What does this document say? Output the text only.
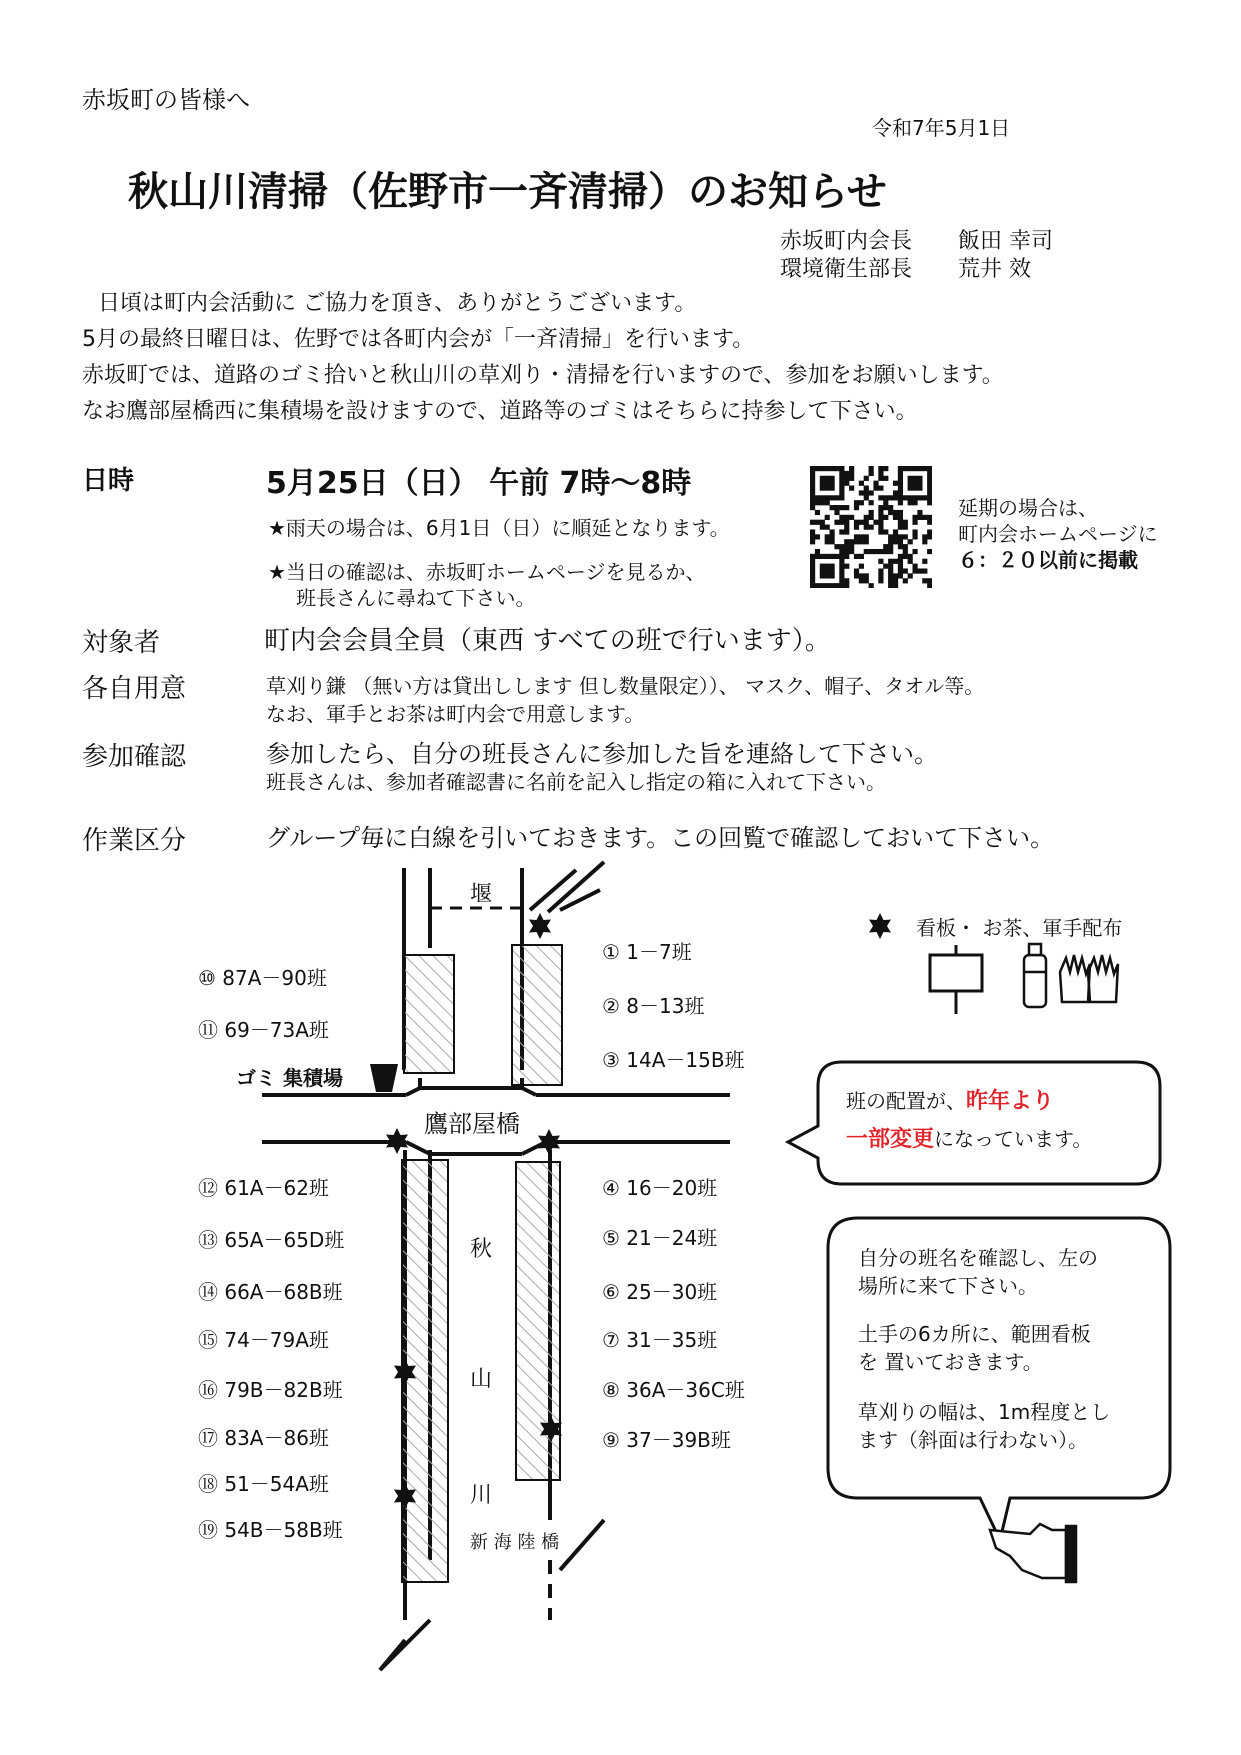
赤坂町の皆様へ
令和7年5月1日
秋山川清掃（佐野市一斉清掃）のお知らせ
赤坂町内会長 飯田 幸司
環境衛生部長 荒井 效
日頃は町内会活動に ご協力を頂き、ありがとうございます。
5月の最終日曜日は、佐野では各町内会が「一斉清掃」を行います。
赤坂町では、道路のゴミ拾いと秋山川の草刈り・清掃を行いますので、参加をお願いします。
なお鷹部屋橋西に集積場を設けますので、道路等のゴミはそちらに持参して下さい。
日時	5月25日（日） 午前 7時～8時
★雨天の場合は、6月1日（日）に順延となります。
★当日の確認は、赤坂町ホームページを見るか、
班長さんに尋ねて下さい。
延期の場合は、
町内会ホームページに
６：２０以前に掲載
対象者	町内会会員全員（東西 すべての班で行います）。
各自用意	草刈り鎌 （無い方は貸出しします 但し数量限定））、 マスク、帽子、タオル等。
なお、軍手とお茶は町内会で用意します。
参加確認	参加したら、自分の班長さんに参加した旨を連絡して下さい。
班長さんは、参加者確認書に名前を記入し指定の箱に入れて下さい。
作業区分	グループ毎に白線を引いておきます。この回覧で確認しておいて下さい。
堰
鷹部屋橋
秋
山
川
新 海 陸 橋
ゴミ 集積場
看板・ お茶、軍手配布
⑩ 87A－90班
⑪ 69－73A班
① 1－7班
② 8－13班
③ 14A－15B班
⑫ 61A－62班
⑬ 65A－65D班
⑭ 66A－68B班
⑮ 74－79A班
⑯ 79B－82B班
⑰ 83A－86班
⑱ 51－54A班
⑲ 54B－58B班
④ 16－20班
⑤ 21－24班
⑥ 25－30班
⑦ 31－35班
⑧ 36A－36C班
⑨ 37－39B班
班の配置が、昨年より
一部変更になっています。
自分の班名を確認し、左の
場所に来て下さい。
土手の6カ所に、範囲看板
を 置いておきます。
草刈りの幅は、1m程度とし
ます（斜面は行わない）。
